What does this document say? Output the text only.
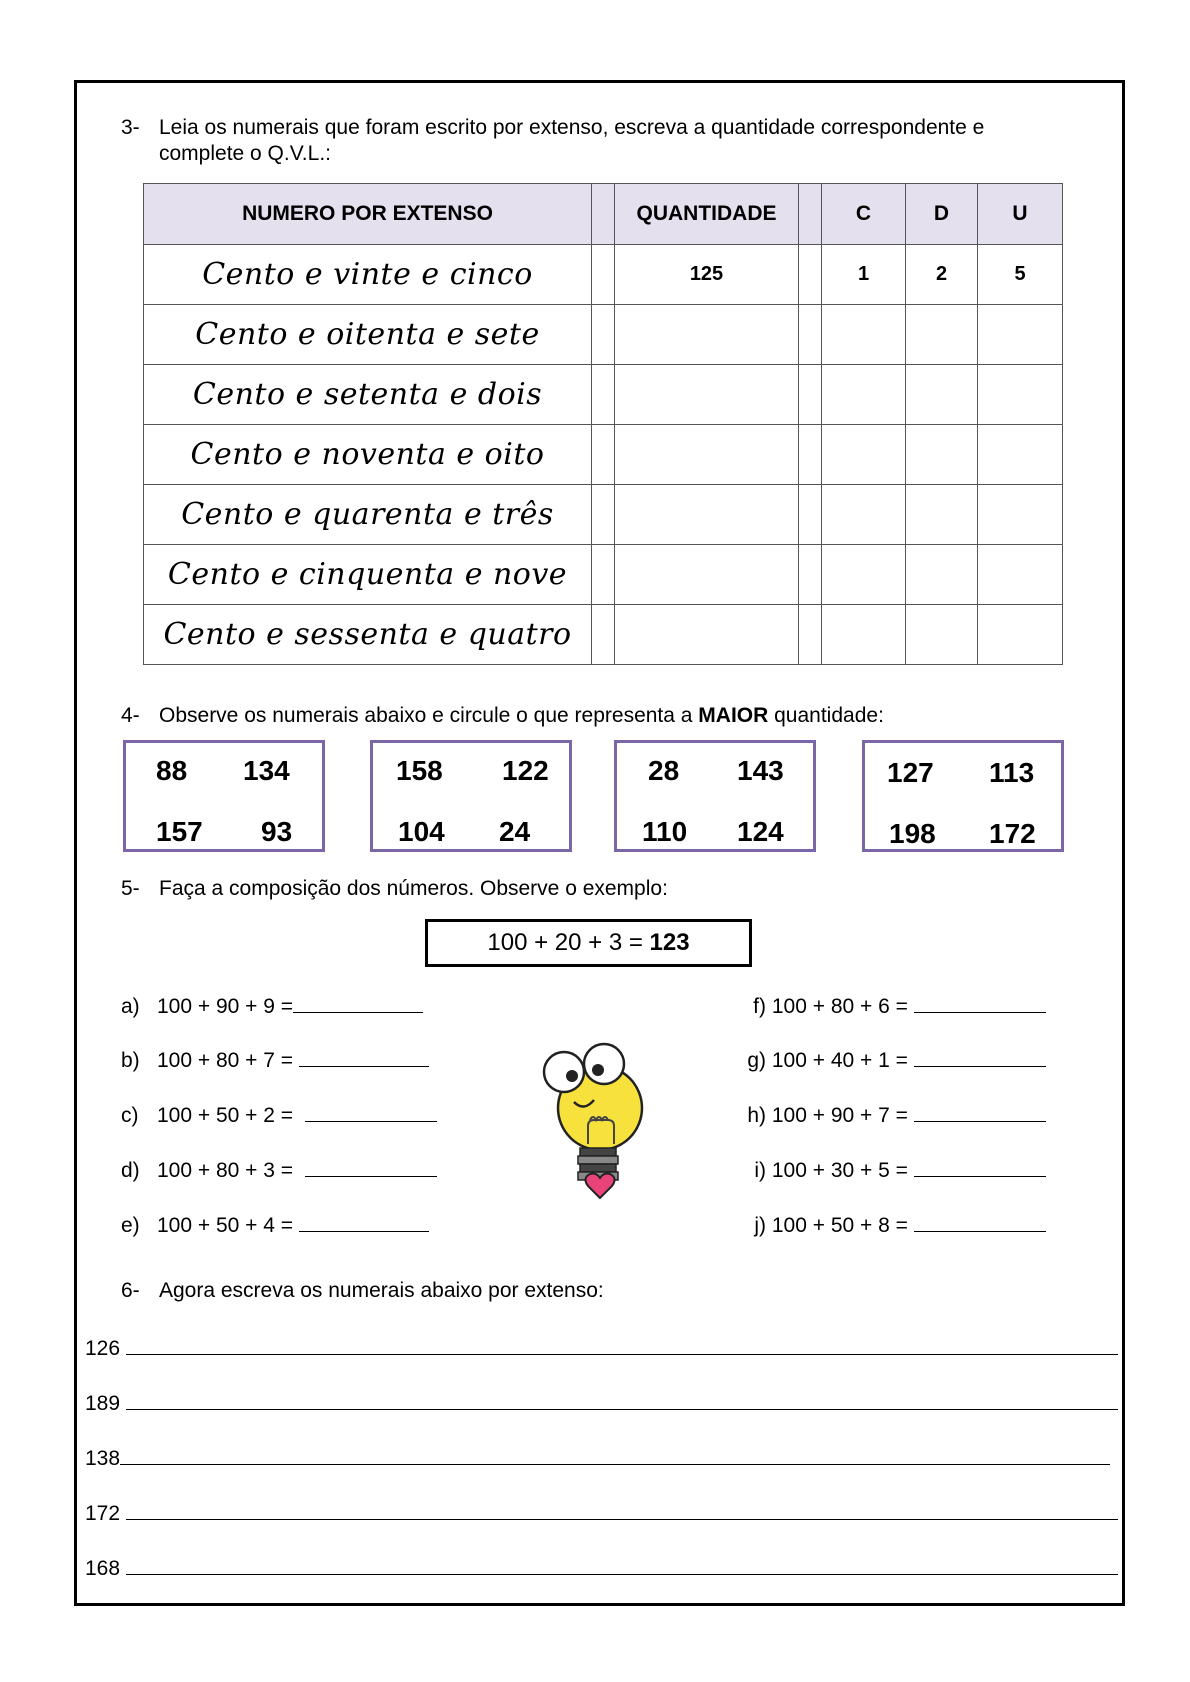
3- Leia os numerais que foram escrito por extenso, escreva a quantidade correspondente e
complete o Q.V.L.:
NUMERO POR EXTENSO		QUANTIDADE		C	D	U
Cento e vinte e cinco		125		1	2	5
Cento e oitenta e sete						
Cento e setenta e dois						
Cento e noventa e oito						
Cento e quarenta e três						
Cento e cinquenta e nove						
Cento e sessenta e quatro						
4- Observe os numerais abaixo e circule o que representa a MAIOR quantidade:
88 134
157 93
158 122
104 24
28 143
110 124
127 113
198 172
5- Faça a composição dos números. Observe o exemplo:
100 + 20 + 3 = 123
a) 100 + 90 + 9 =
b) 100 + 80 + 7 =
c) 100 + 50 + 2 =
d) 100 + 80 + 3 =
e) 100 + 50 + 4 =
f) 100 + 80 + 6 =
g) 100 + 40 + 1 =
h) 100 + 90 + 7 =
i) 100 + 30 + 5 =
j) 100 + 50 + 8 =
6- Agora escreva os numerais abaixo por extenso:
126
189
138
172
168
